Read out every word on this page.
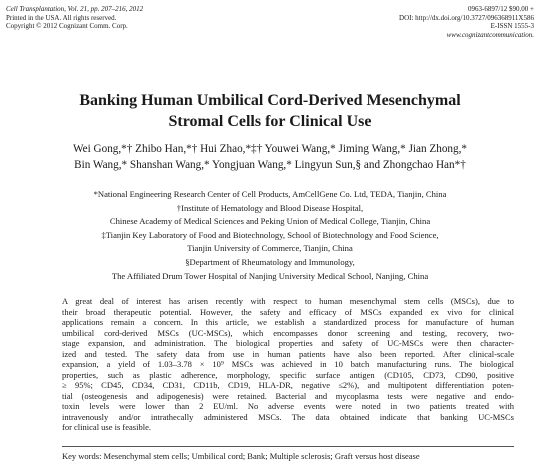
Cell Transplantation, Vol. 21, pp. 207–216, 2012
Printed in the USA. All rights reserved.
Copyright © 2012 Cognizant Comm. Corp.
0963-6897/12 $90.00 +
DOI: http://dx.doi.org/10.3727/096368911X586
E-ISSN 1555-3
www.cognizantcommunication.
Banking Human Umbilical Cord-Derived Mesenchymal
Stromal Cells for Clinical Use
Wei Gong,*† Zhibo Han,*† Hui Zhao,*‡† Youwei Wang,* Jiming Wang,* Jian Zhong,*
Bin Wang,* Shanshan Wang,* Yongjuan Wang,* Lingyun Sun,§ and Zhongchao Han*†
*National Engineering Research Center of Cell Products, AmCellGene Co. Ltd, TEDA, Tianjin, China
†Institute of Hematology and Blood Disease Hospital,
Chinese Academy of Medical Sciences and Peking Union of Medical College, Tianjin, China
‡Tianjin Key Laboratory of Food and Biotechnology, School of Biotechnology and Food Science,
Tianjin University of Commerce, Tianjin, China
§Department of Rheumatology and Immunology,
The Affiliated Drum Tower Hospital of Nanjing University Medical School, Nanjing, China
A great deal of interest has arisen recently with respect to human mesenchymal stem cells (MSCs), due to
their broad therapeutic potential. However, the safety and efficacy of MSCs expanded ex vivo for clinical
applications remain a concern. In this article, we establish a standardized process for manufacture of human
umbilical cord-derived MSCs (UC-MSCs), which encompasses donor screening and testing, recovery, two-
stage expansion, and administration. The biological properties and safety of UC-MSCs were then character-
ized and tested. The safety data from use in human patients have also been reported. After clinical-scale
expansion, a yield of 1.03–3.78 × 10⁹ MSCs was achieved in 10 batch manufacturing runs. The biological
properties, such as plastic adherence, morphology, specific surface antigen (CD105, CD73, CD90, positive
≥ 95%; CD45, CD34, CD31, CD11b, CD19, HLA-DR, negative ≤2%), and multipotent differentiation poten-
tial (osteogenesis and adipogenesis) were retained. Bacterial and mycoplasma tests were negative and endo-
toxin levels were lower than 2 EU/ml. No adverse events were noted in two patients treated with
intravenously and/or intrathecally administered MSCs. The data obtained indicate that banking UC-MSCs
for clinical use is feasible.
Key words: Mesenchymal stem cells; Umbilical cord; Bank; Multiple sclerosis; Graft versus host disease
